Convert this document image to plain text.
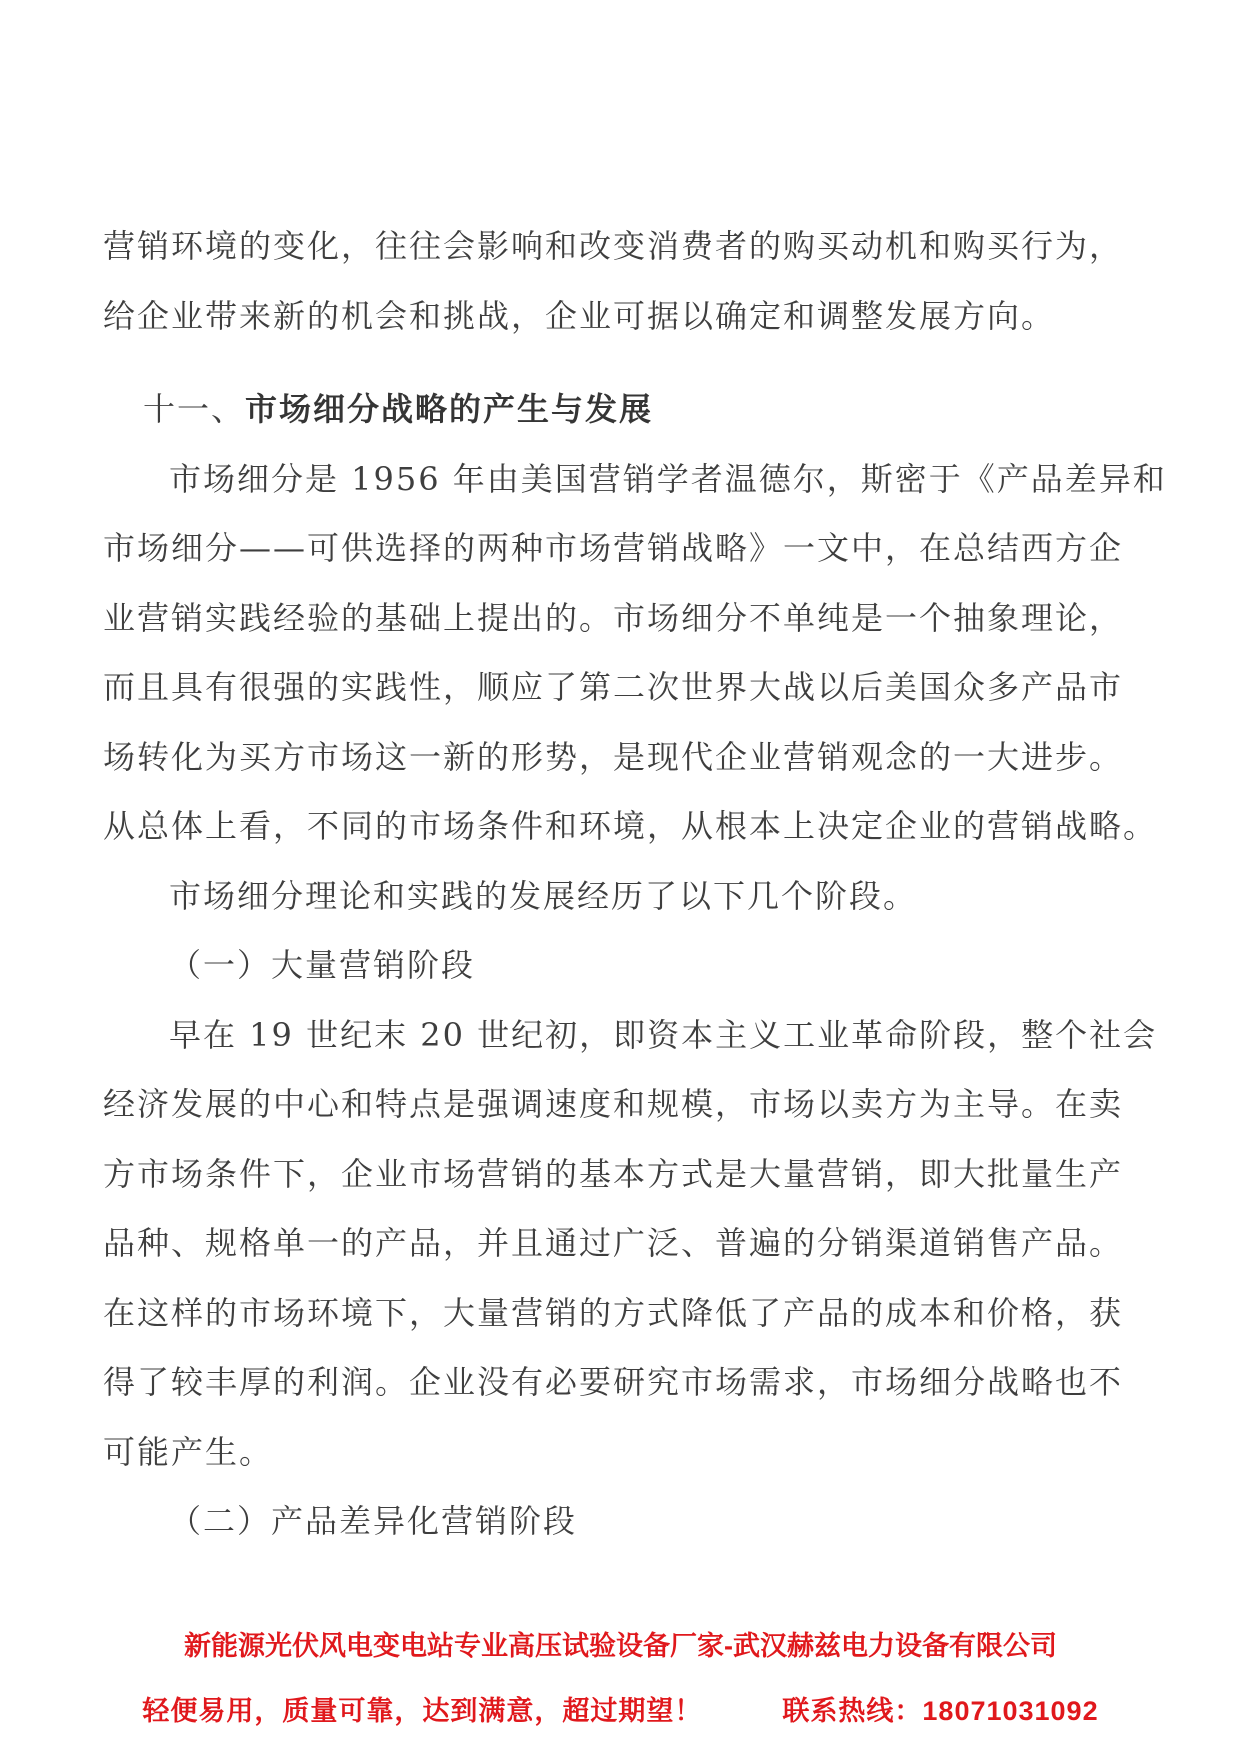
营销环境的变化，往往会影响和改变消费者的购买动机和购买行为，

给企业带来新的机会和挑战，企业可据以确定和调整发展方向。

十一、市场细分战略的产生与发展

市场细分是 1956 年由美国营销学者温德尔，斯密于《产品差异和

市场细分——可供选择的两种市场营销战略》一文中，在总结西方企

业营销实践经验的基础上提出的。市场细分不单纯是一个抽象理论，

而且具有很强的实践性，顺应了第二次世界大战以后美国众多产品市

场转化为买方市场这一新的形势，是现代企业营销观念的一大进步。

从总体上看，不同的市场条件和环境，从根本上决定企业的营销战略。

市场细分理论和实践的发展经历了以下几个阶段。

（一）大量营销阶段

早在 19 世纪末 20 世纪初，即资本主义工业革命阶段，整个社会

经济发展的中心和特点是强调速度和规模，市场以卖方为主导。在卖

方市场条件下，企业市场营销的基本方式是大量营销，即大批量生产

品种、规格单一的产品，并且通过广泛、普遍的分销渠道销售产品。

在这样的市场环境下，大量营销的方式降低了产品的成本和价格，获

得了较丰厚的利润。企业没有必要研究市场需求，市场细分战略也不

可能产生。

（二）产品差异化营销阶段

新能源光伏风电变电站专业高压试验设备厂家-武汉赫兹电力设备有限公司
轻便易用，质量可靠，达到满意，超过期望！	联系热线：18071031092
